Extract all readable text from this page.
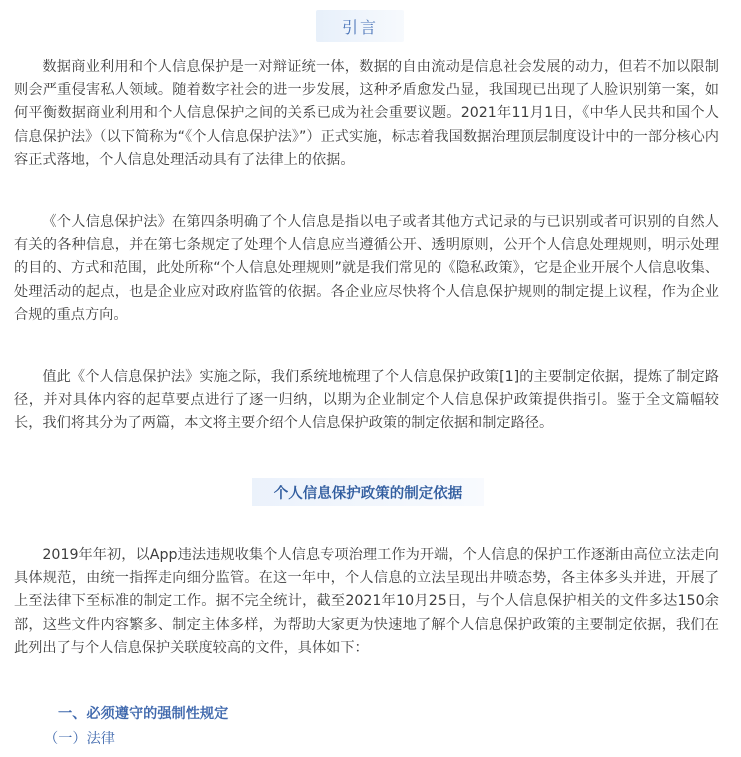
引言

数据商业利用和个人信息保护是一对辩证统一体，数据的自由流动是信息社会发展的动力，但若不加以限制则会严重侵害私人领域。随着数字社会的进一步发展，这种矛盾愈发凸显，我国现已出现了人脸识别第一案，如何平衡数据商业利用和个人信息保护之间的关系已成为社会重要议题。2021年11月1日，《中华人民共和国个人信息保护法》（以下简称为“《个人信息保护法》”）正式实施，标志着我国数据治理顶层制度设计中的一部分核心内容正式落地，个人信息处理活动具有了法律上的依据。

《个人信息保护法》在第四条明确了个人信息是指以电子或者其他方式记录的与已识别或者可识别的自然人有关的各种信息，并在第七条规定了处理个人信息应当遵循公开、透明原则，公开个人信息处理规则，明示处理的目的、方式和范围，此处所称“个人信息处理规则”就是我们常见的《隐私政策》，它是企业开展个人信息收集、处理活动的起点，也是企业应对政府监管的依据。各企业应尽快将个人信息保护规则的制定提上议程，作为企业合规的重点方向。

值此《个人信息保护法》实施之际，我们系统地梳理了个人信息保护政策[1]的主要制定依据，提炼了制定路径，并对具体内容的起草要点进行了逐一归纳，以期为企业制定个人信息保护政策提供指引。鉴于全文篇幅较长，我们将其分为了两篇，本文将主要介绍个人信息保护政策的制定依据和制定路径。

个人信息保护政策的制定依据

2019年年初，以App违法违规收集个人信息专项治理工作为开端，个人信息的保护工作逐渐由高位立法走向具体规范，由统一指挥走向细分监管。在这一年中，个人信息的立法呈现出井喷态势，各主体多头并进，开展了上至法律下至标准的制定工作。据不完全统计，截至2021年10月25日，与个人信息保护相关的文件多达150余部，这些文件内容繁多、制定主体多样，为帮助大家更为快速地了解个人信息保护政策的主要制定依据，我们在此列出了与个人信息保护关联度较高的文件，具体如下：

一、必须遵守的强制性规定
（一）法律
